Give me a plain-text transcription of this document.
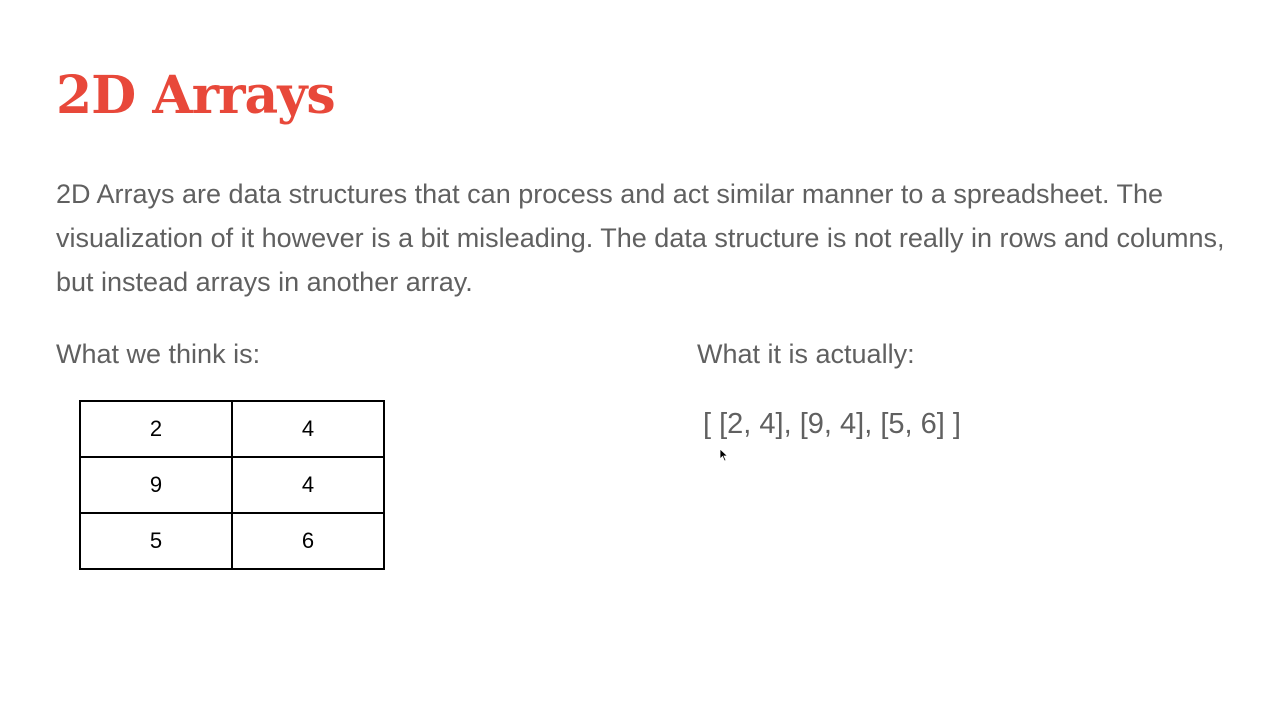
2D Arrays

2D Arrays are data structures that can process and act similar manner to a spreadsheet. The visualization of it however is a bit misleading. The data structure is not really in rows and columns, but instead arrays in another array.

What we think is:	What it is actually:
2	4
9	4
5	6
[ [2, 4], [9, 4], [5, 6] ]
